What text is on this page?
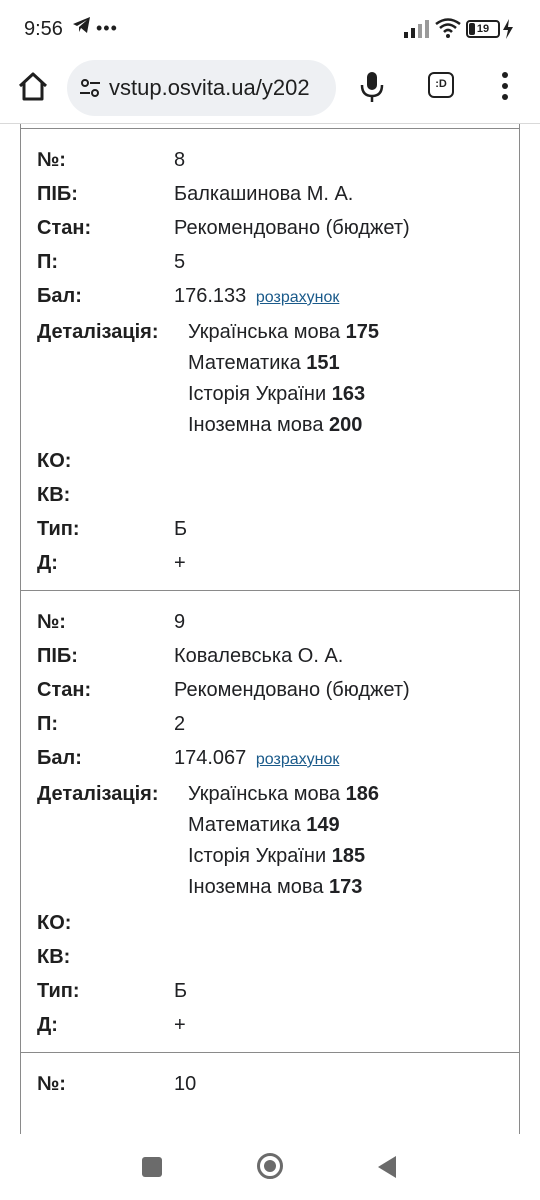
9:56 •••	19
vstup.osvita.ua/y202	:D
№:	8
ПІБ:	Балкашинова М. А.
Стан:	Рекомендовано (бюджет)
П:	5
Бал:	176.133 розрахунок
Деталізація:	Українська мова 175
Математика 151
Історія України 163
Іноземна мова 200
КО:
КВ:
Тип:	Б
Д:	+
№:	9
ПІБ:	Ковалевська О. А.
Стан:	Рекомендовано (бюджет)
П:	2
Бал:	174.067 розрахунок
Деталізація:	Українська мова 186
Математика 149
Історія України 185
Іноземна мова 173
КО:
КВ:
Тип:	Б
Д:	+
№:	10
